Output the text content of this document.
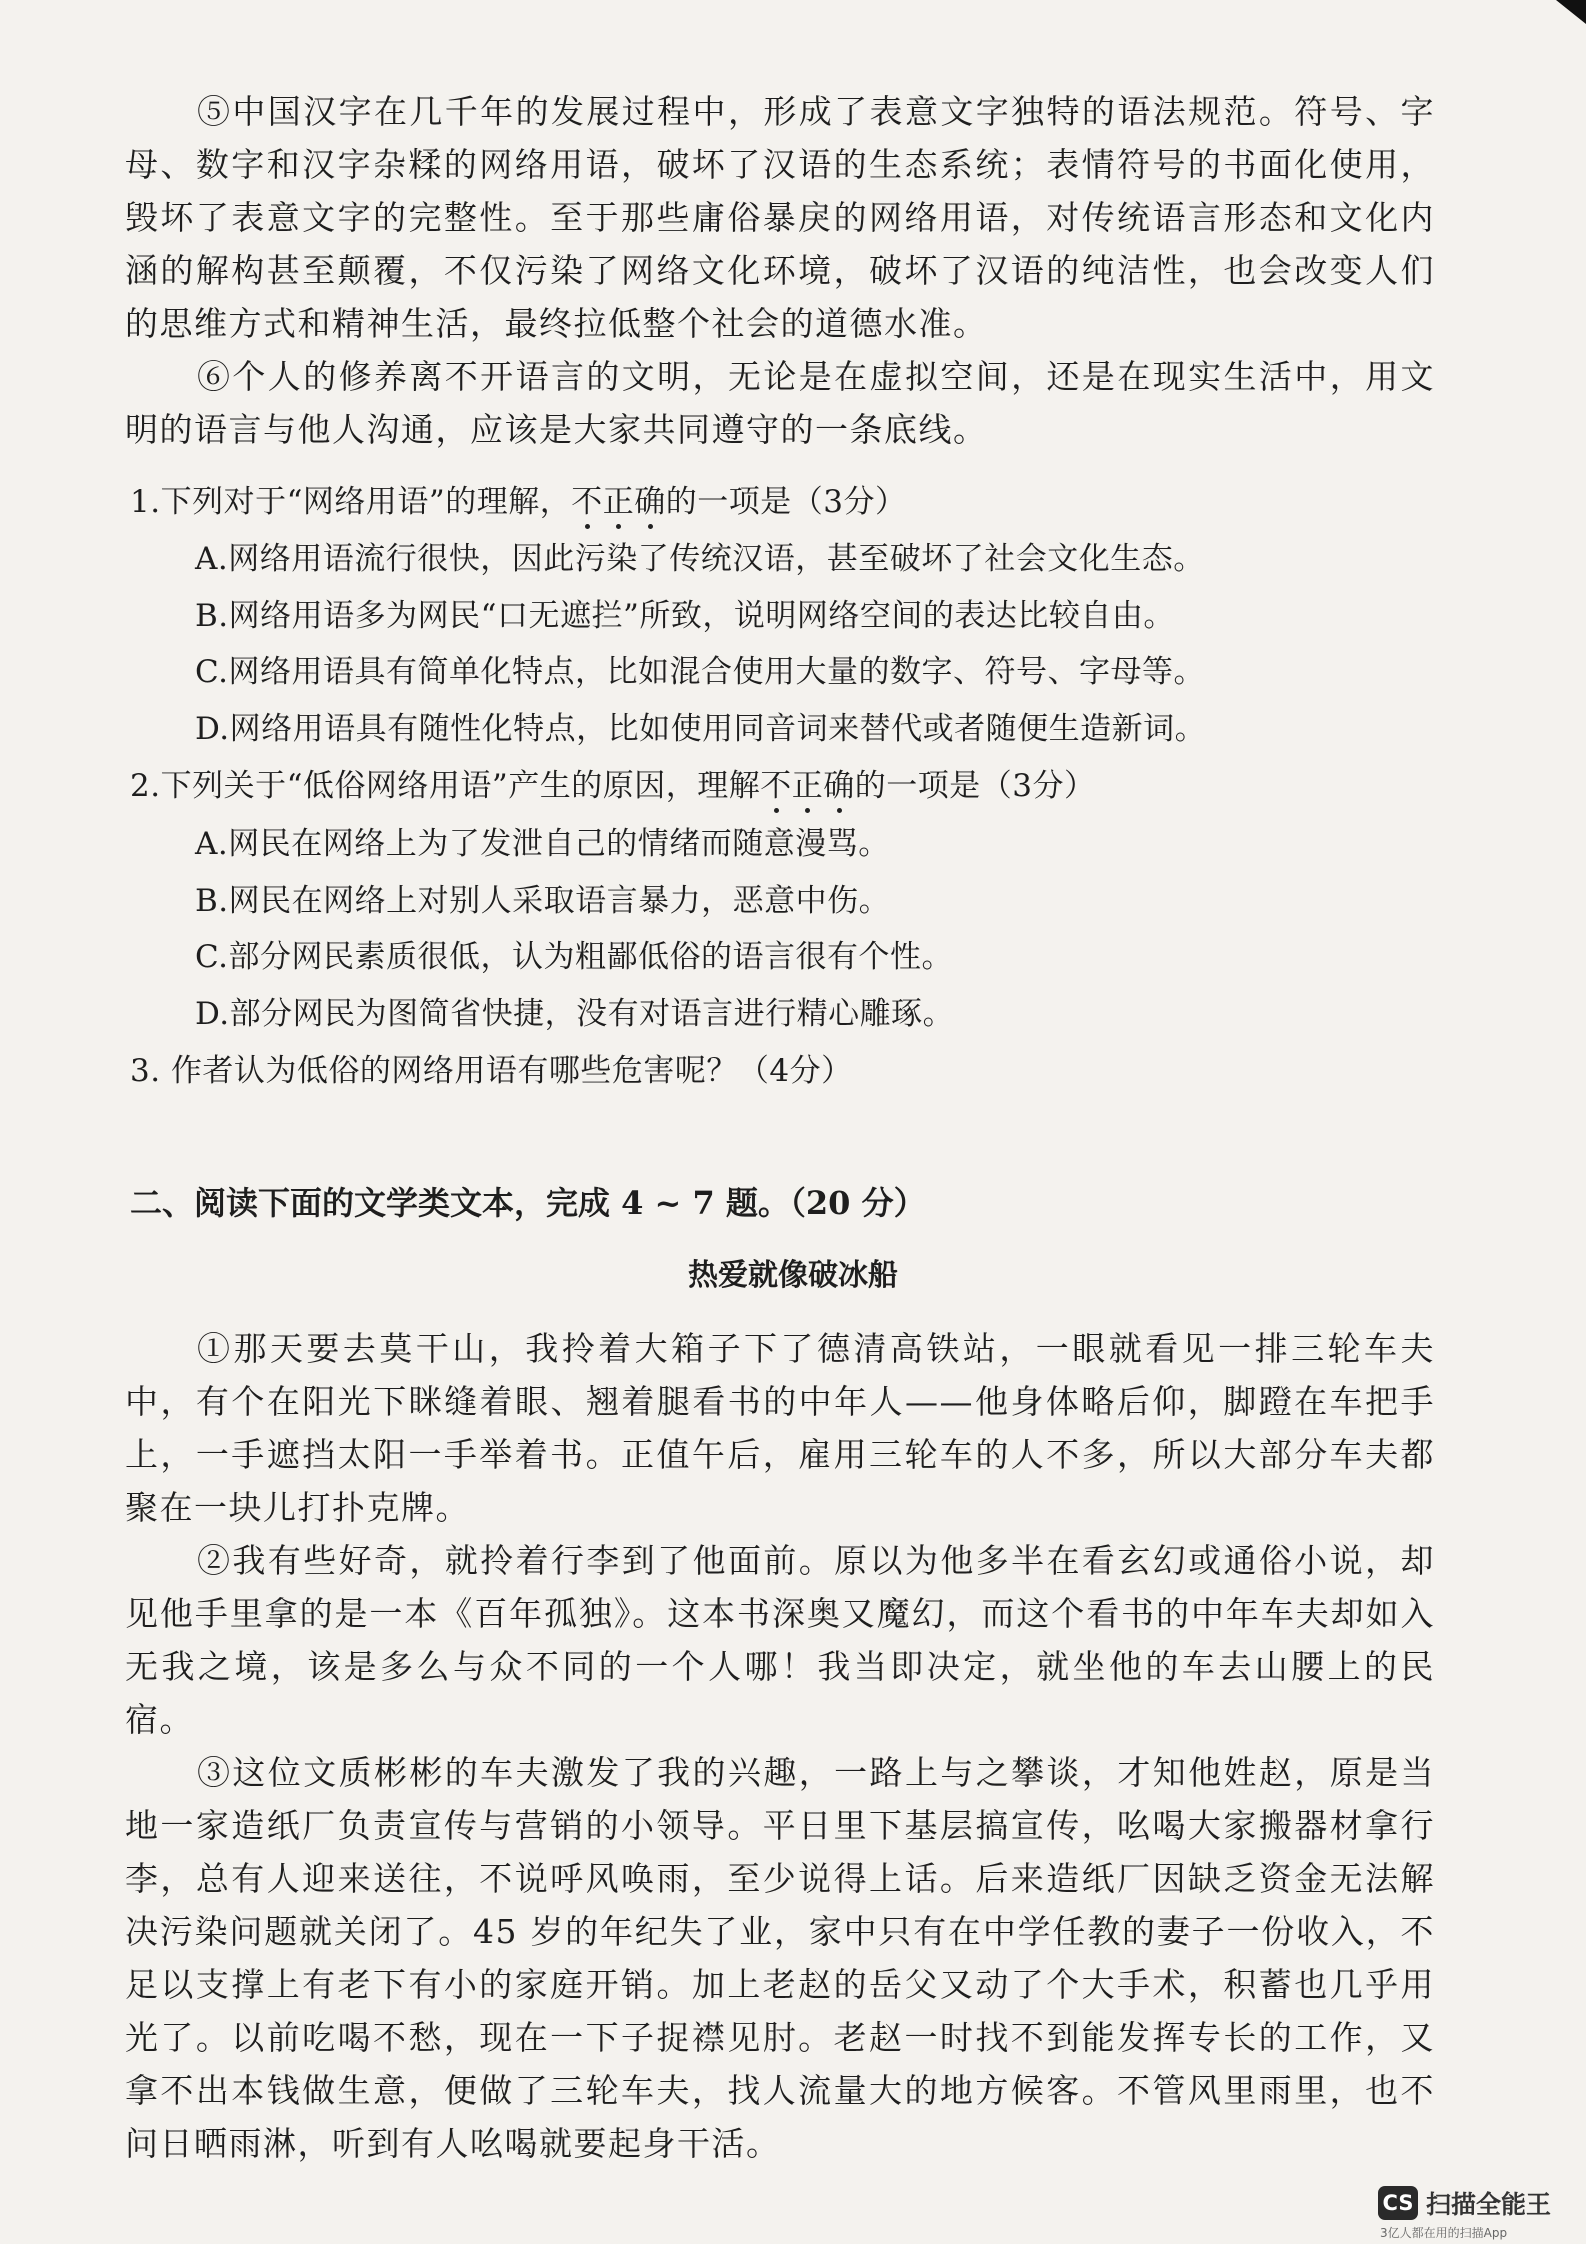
⑤中国汉字在几千年的发展过程中，形成了表意文字独特的语法规范。符号、字母、数字和汉字杂糅的网络用语，破坏了汉语的生态系统；表情符号的书面化使用，毁坏了表意文字的完整性。至于那些庸俗暴戾的网络用语，对传统语言形态和文化内涵的解构甚至颠覆，不仅污染了网络文化环境，破坏了汉语的纯洁性，也会改变人们的思维方式和精神生活，最终拉低整个社会的道德水准。

⑥个人的修养离不开语言的文明，无论是在虚拟空间，还是在现实生活中，用文明的语言与他人沟通，应该是大家共同遵守的一条底线。

1.下列对于“网络用语”的理解，不正确的一项是（3分）
A.网络用语流行很快，因此污染了传统汉语，甚至破坏了社会文化生态。
B.网络用语多为网民“口无遮拦”所致，说明网络空间的表达比较自由。
C.网络用语具有简单化特点，比如混合使用大量的数字、符号、字母等。
D.网络用语具有随性化特点，比如使用同音词来替代或者随便生造新词。
2.下列关于“低俗网络用语”产生的原因，理解不正确的一项是（3分）
A.网民在网络上为了发泄自己的情绪而随意漫骂。
B.网民在网络上对别人采取语言暴力，恶意中伤。
C.部分网民素质很低，认为粗鄙低俗的语言很有个性。
D.部分网民为图简省快捷，没有对语言进行精心雕琢。
3. 作者认为低俗的网络用语有哪些危害呢？（4分）
二、阅读下面的文学类文本，完成 4 ~ 7 题。（20 分）
热爱就像破冰船

①那天要去莫干山，我拎着大箱子下了德清高铁站，一眼就看见一排三轮车夫中，有个在阳光下眯缝着眼、翘着腿看书的中年人——他身体略后仰，脚蹬在车把手上，一手遮挡太阳一手举着书。正值午后，雇用三轮车的人不多，所以大部分车夫都聚在一块儿打扑克牌。

②我有些好奇，就拎着行李到了他面前。原以为他多半在看玄幻或通俗小说，却见他手里拿的是一本《百年孤独》。这本书深奥又魔幻，而这个看书的中年车夫却如入无我之境，该是多么与众不同的一个人哪！我当即决定，就坐他的车去山腰上的民宿。

③这位文质彬彬的车夫激发了我的兴趣，一路上与之攀谈，才知他姓赵，原是当地一家造纸厂负责宣传与营销的小领导。平日里下基层搞宣传，吆喝大家搬器材拿行李，总有人迎来送往，不说呼风唤雨，至少说得上话。后来造纸厂因缺乏资金无法解决污染问题就关闭了。45 岁的年纪失了业，家中只有在中学任教的妻子一份收入，不足以支撑上有老下有小的家庭开销。加上老赵的岳父又动了个大手术，积蓄也几乎用光了。以前吃喝不愁，现在一下子捉襟见肘。老赵一时找不到能发挥专长的工作，又拿不出本钱做生意，便做了三轮车夫，找人流量大的地方候客。不管风里雨里，也不问日晒雨淋，听到有人吆喝就要起身干活。

CS 扫描全能王
3亿人都在用的扫描App
